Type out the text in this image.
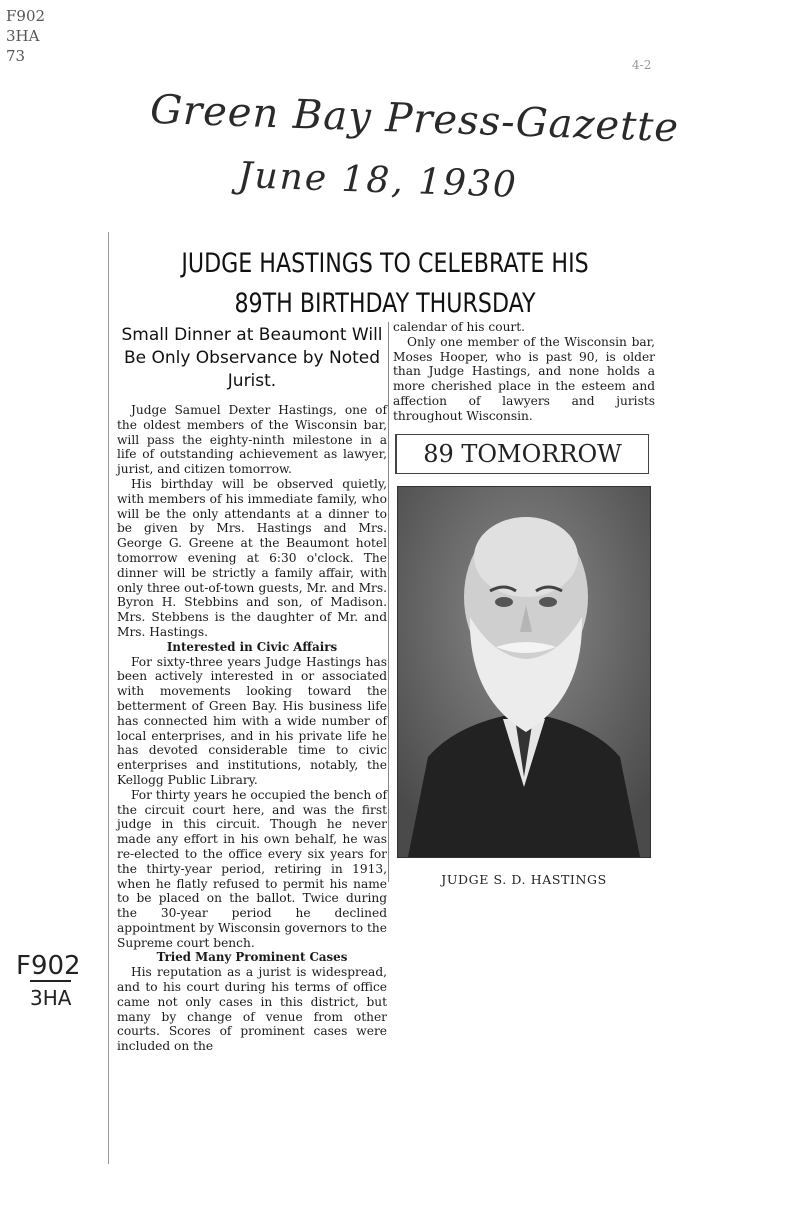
F902
3HA
73	4-2
Green Bay Press-Gazette
June 18, 1930
F902
3HA
JUDGE HASTINGS TO CELEBRATE HIS 89TH BIRTHDAY THURSDAY

Small Dinner at Beaumont Will Be Only Observance by Noted Jurist.

Judge Samuel Dexter Hastings, one of the oldest members of the Wisconsin bar, will pass the eighty-ninth milestone in a life of outstanding achievement as lawyer, jurist, and citizen tomorrow.

His birthday will be observed quietly, with members of his immediate family, who will be the only attendants at a dinner to be given by Mrs. Hastings and Mrs. George G. Greene at the Beaumont hotel tomorrow evening at 6:30 o'clock. The dinner will be strictly a family affair, with only three out-of-town guests, Mr. and Mrs. Byron H. Stebbins and son, of Madison. Mrs. Stebbens is the daughter of Mr. and Mrs. Hastings.

Interested in Civic Affairs

For sixty-three years Judge Hastings has been actively interested in or associated with movements looking toward the betterment of Green Bay. His business life has connected him with a wide number of local enterprises, and in his private life he has devoted considerable time to civic enterprises and institutions, notably, the Kellogg Public Library.

For thirty years he occupied the bench of the circuit court here, and was the first judge in this circuit. Though he never made any effort in his own behalf, he was re-elected to the office every six years for the thirty-year period, retiring in 1913, when he flatly refused to permit his name to be placed on the ballot. Twice during the 30-year period he declined appointment by Wisconsin governors to the Supreme court bench.

Tried Many Prominent Cases

His reputation as a jurist is widespread, and to his court during his terms of office came not only cases in this district, but many by change of venue from other courts. Scores of prominent cases were included on the

calendar of his court.

Only one member of the Wisconsin bar, Moses Hooper, who is past 90, is older than Judge Hastings, and none holds a more cherished place in the esteem and affection of lawyers and jurists throughout Wisconsin.

89 TOMORROW
JUDGE S. D. HASTINGS
